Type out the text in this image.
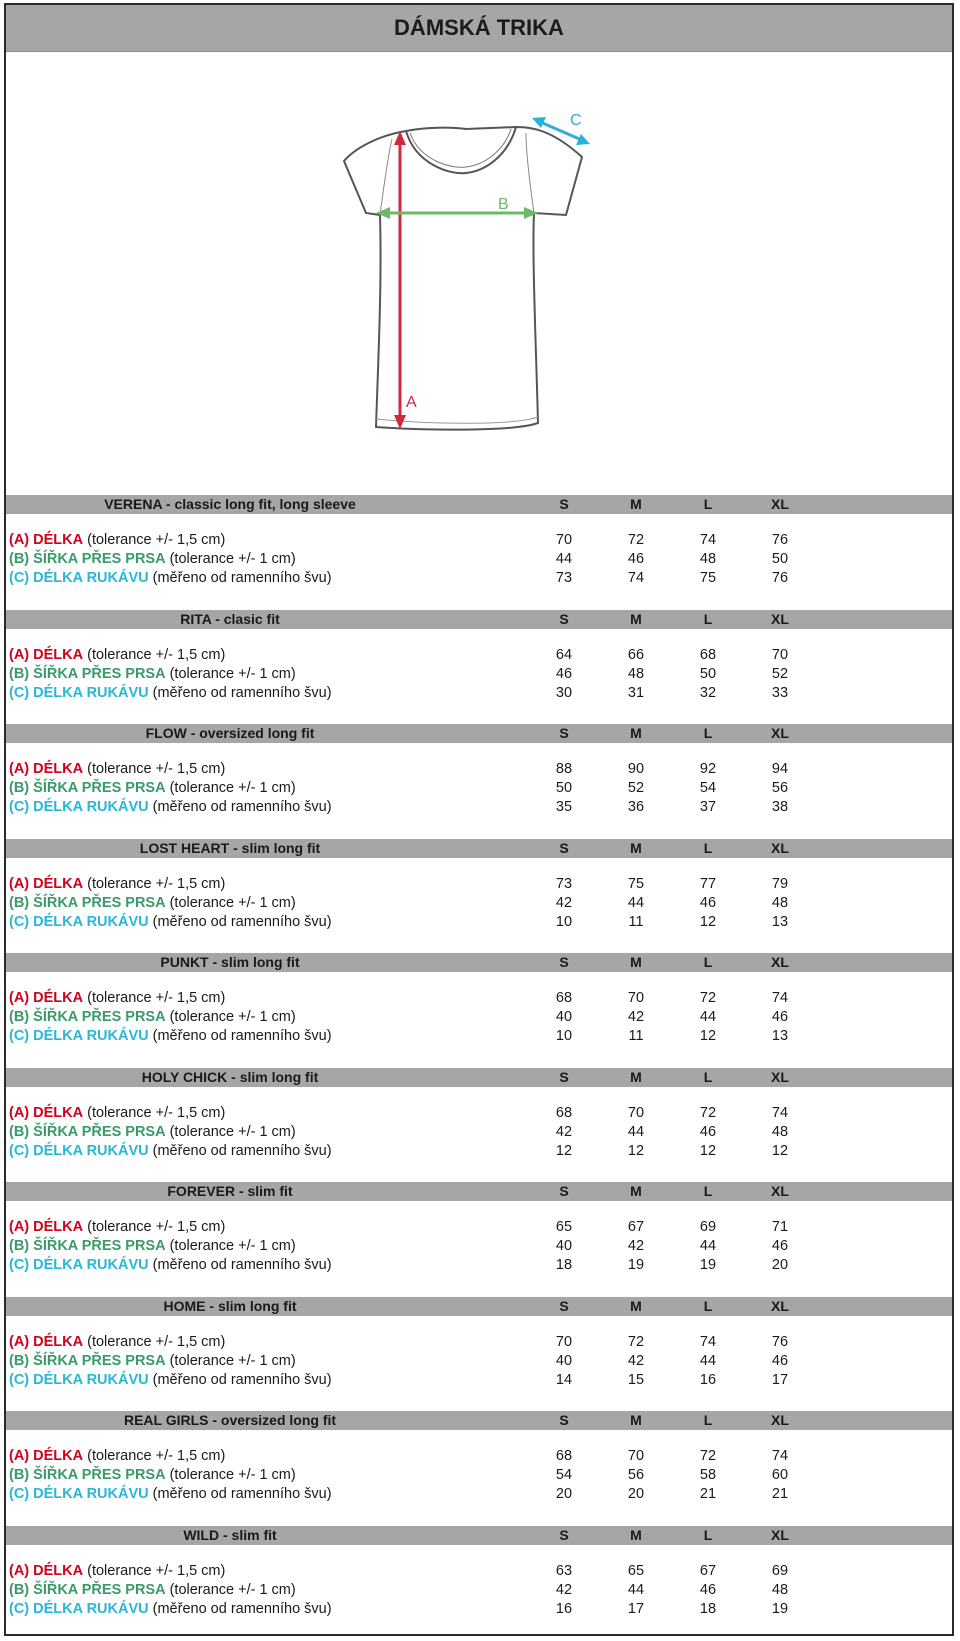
DÁMSKÁ TRIKA
A
B
C
VERENA - classic long fit, long sleeve	S	M	L	XL
(A) DÉLKA (tolerance +/- 1,5 cm)	70	72	74	76
(B) ŠÍŘKA PŘES PRSA (tolerance +/- 1 cm)	44	46	48	50
(C) DÉLKA RUKÁVU (měřeno od ramenního švu)	73	74	75	76
RITA - clasic fit	S	M	L	XL
(A) DÉLKA (tolerance +/- 1,5 cm)	64	66	68	70
(B) ŠÍŘKA PŘES PRSA (tolerance +/- 1 cm)	46	48	50	52
(C) DÉLKA RUKÁVU (měřeno od ramenního švu)	30	31	32	33
FLOW - oversized long fit	S	M	L	XL
(A) DÉLKA (tolerance +/- 1,5 cm)	88	90	92	94
(B) ŠÍŘKA PŘES PRSA (tolerance +/- 1 cm)	50	52	54	56
(C) DÉLKA RUKÁVU (měřeno od ramenního švu)	35	36	37	38
LOST HEART - slim long fit	S	M	L	XL
(A) DÉLKA (tolerance +/- 1,5 cm)	73	75	77	79
(B) ŠÍŘKA PŘES PRSA (tolerance +/- 1 cm)	42	44	46	48
(C) DÉLKA RUKÁVU (měřeno od ramenního švu)	10	11	12	13
PUNKT - slim long fit	S	M	L	XL
(A) DÉLKA (tolerance +/- 1,5 cm)	68	70	72	74
(B) ŠÍŘKA PŘES PRSA (tolerance +/- 1 cm)	40	42	44	46
(C) DÉLKA RUKÁVU (měřeno od ramenního švu)	10	11	12	13
HOLY CHICK - slim long fit	S	M	L	XL
(A) DÉLKA (tolerance +/- 1,5 cm)	68	70	72	74
(B) ŠÍŘKA PŘES PRSA (tolerance +/- 1 cm)	42	44	46	48
(C) DÉLKA RUKÁVU (měřeno od ramenního švu)	12	12	12	12
FOREVER - slim fit	S	M	L	XL
(A) DÉLKA (tolerance +/- 1,5 cm)	65	67	69	71
(B) ŠÍŘKA PŘES PRSA (tolerance +/- 1 cm)	40	42	44	46
(C) DÉLKA RUKÁVU (měřeno od ramenního švu)	18	19	19	20
HOME - slim long fit	S	M	L	XL
(A) DÉLKA (tolerance +/- 1,5 cm)	70	72	74	76
(B) ŠÍŘKA PŘES PRSA (tolerance +/- 1 cm)	40	42	44	46
(C) DÉLKA RUKÁVU (měřeno od ramenního švu)	14	15	16	17
REAL GIRLS - oversized long fit	S	M	L	XL
(A) DÉLKA (tolerance +/- 1,5 cm)	68	70	72	74
(B) ŠÍŘKA PŘES PRSA (tolerance +/- 1 cm)	54	56	58	60
(C) DÉLKA RUKÁVU (měřeno od ramenního švu)	20	20	21	21
WILD - slim fit	S	M	L	XL
(A) DÉLKA (tolerance +/- 1,5 cm)	63	65	67	69
(B) ŠÍŘKA PŘES PRSA (tolerance +/- 1 cm)	42	44	46	48
(C) DÉLKA RUKÁVU (měřeno od ramenního švu)	16	17	18	19
